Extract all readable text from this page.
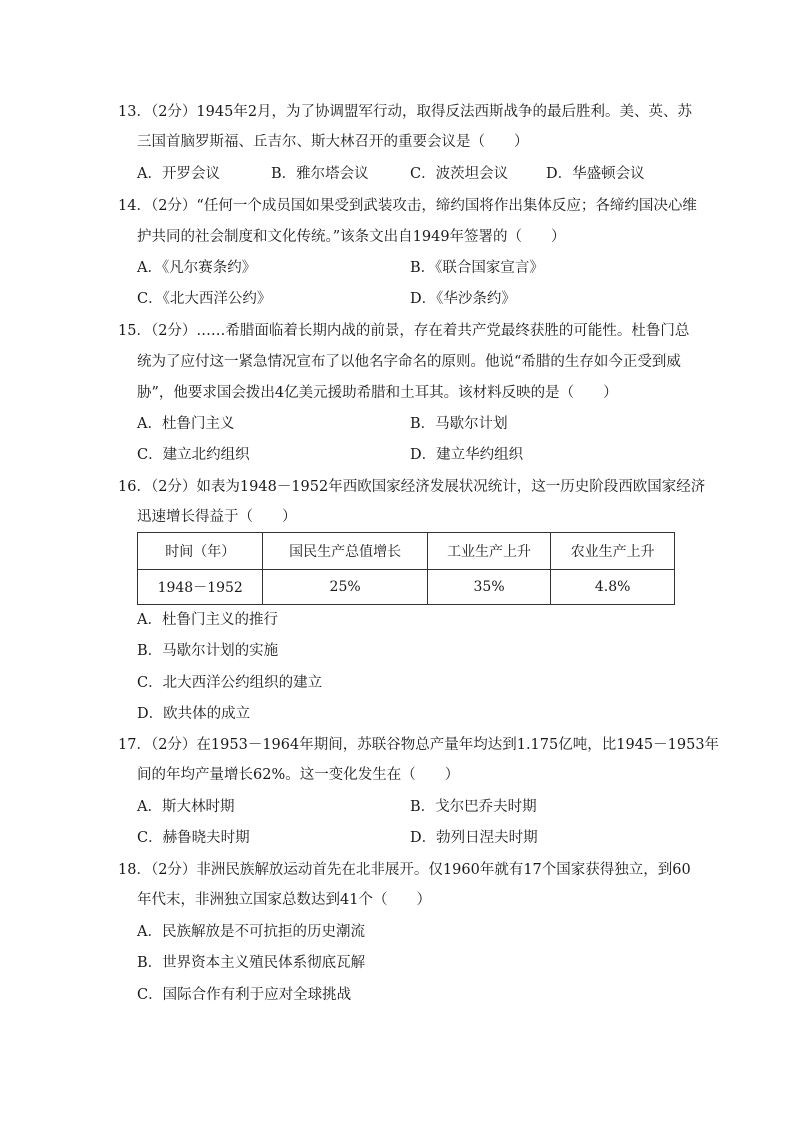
13．（2分）1945年2月，为了协调盟军行动，取得反法西斯战争的最后胜利。美、英、苏
三国首脑罗斯福、丘吉尔、斯大林召开的重要会议是（　　）
A．开罗会议	B．雅尔塔会议	C．波茨坦会议	D．华盛顿会议
14．（2分）“任何一个成员国如果受到武装攻击，缔约国将作出集体反应；各缔约国决心维
护共同的社会制度和文化传统。”该条文出自1949年签署的（　　）
A．《凡尔赛条约》	B．《联合国家宣言》
C．《北大西洋公约》	D．《华沙条约》
15．（2分）……希腊面临着长期内战的前景，存在着共产党最终获胜的可能性。杜鲁门总
统为了应付这一紧急情况宣布了以他名字命名的原则。他说“希腊的生存如今正受到威
胁”，他要求国会拨出4亿美元援助希腊和土耳其。该材料反映的是（　　）
A．杜鲁门主义	B．马歇尔计划
C．建立北约组织	D．建立华约组织
16．（2分）如表为1948－1952年西欧国家经济发展状况统计，这一历史阶段西欧国家经济
迅速增长得益于（　　）
时间（年）	国民生产总值增长	工业生产上升	农业生产上升
1948－1952	25%	35%	4.8%
A．杜鲁门主义的推行
B．马歇尔计划的实施
C．北大西洋公约组织的建立
D．欧共体的成立
17．（2分）在1953－1964年期间，苏联谷物总产量年均达到1.175亿吨，比1945－1953年
间的年均产量增长62%。这一变化发生在（　　）
A．斯大林时期	B．戈尔巴乔夫时期
C．赫鲁晓夫时期	D．勃列日涅夫时期
18．（2分）非洲民族解放运动首先在北非展开。仅1960年就有17个国家获得独立，到60
年代末，非洲独立国家总数达到41个（　　）
A．民族解放是不可抗拒的历史潮流
B．世界资本主义殖民体系彻底瓦解
C．国际合作有利于应对全球挑战
